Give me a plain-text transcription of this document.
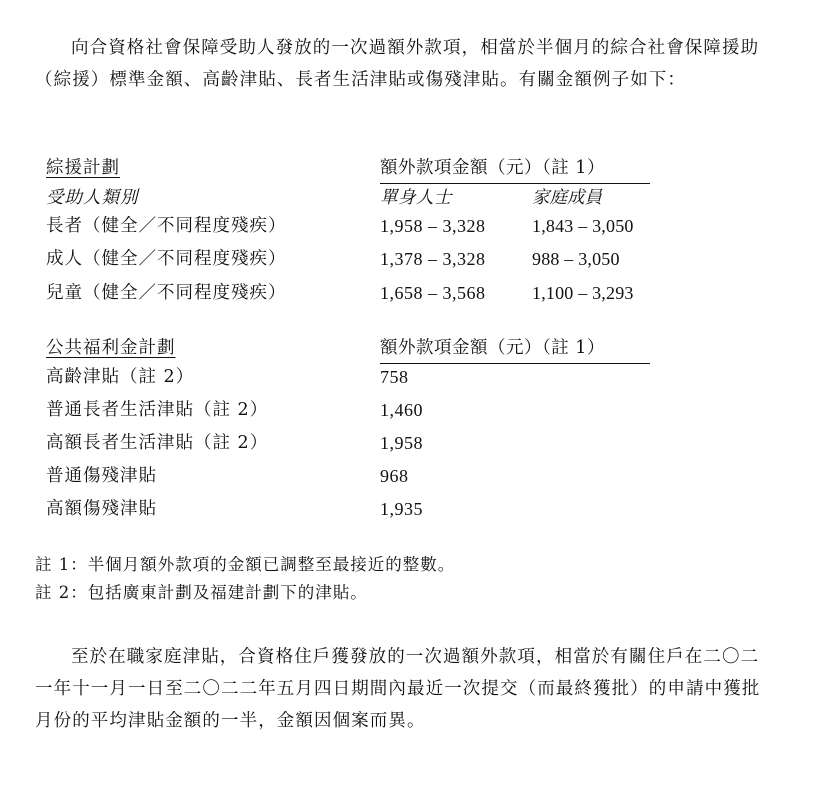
向合資格社會保障受助人發放的一次過額外款項，相當於半個月的綜合社會保障援助（綜援）標準金額、高齡津貼、長者生活津貼或傷殘津貼。有關金額例子如下：

綜援計劃	額外款項金額（元）（註 1）
受助人類別	單身人士	家庭成員
長者（健全／不同程度殘疾）	1,958 – 3,328	1,843 – 3,050
成人（健全／不同程度殘疾）	1,378 – 3,328	988 – 3,050
兒童（健全／不同程度殘疾）	1,658 – 3,568	1,100 – 3,293
公共福利金計劃	額外款項金額（元）（註 1）
高齡津貼（註 2）	758
普通長者生活津貼（註 2）	1,460
高額長者生活津貼（註 2）	1,958
普通傷殘津貼	968
高額傷殘津貼	1,935
註 1：半個月額外款項的金額已調整至最接近的整數。
註 2：包括廣東計劃及福建計劃下的津貼。

至於在職家庭津貼，合資格住戶獲發放的一次過額外款項，相當於有關住戶在二〇二一年十一月一日至二〇二二年五月四日期間內最近一次提交（而最終獲批）的申請中獲批月份的平均津貼金額的一半，金額因個案而異。
